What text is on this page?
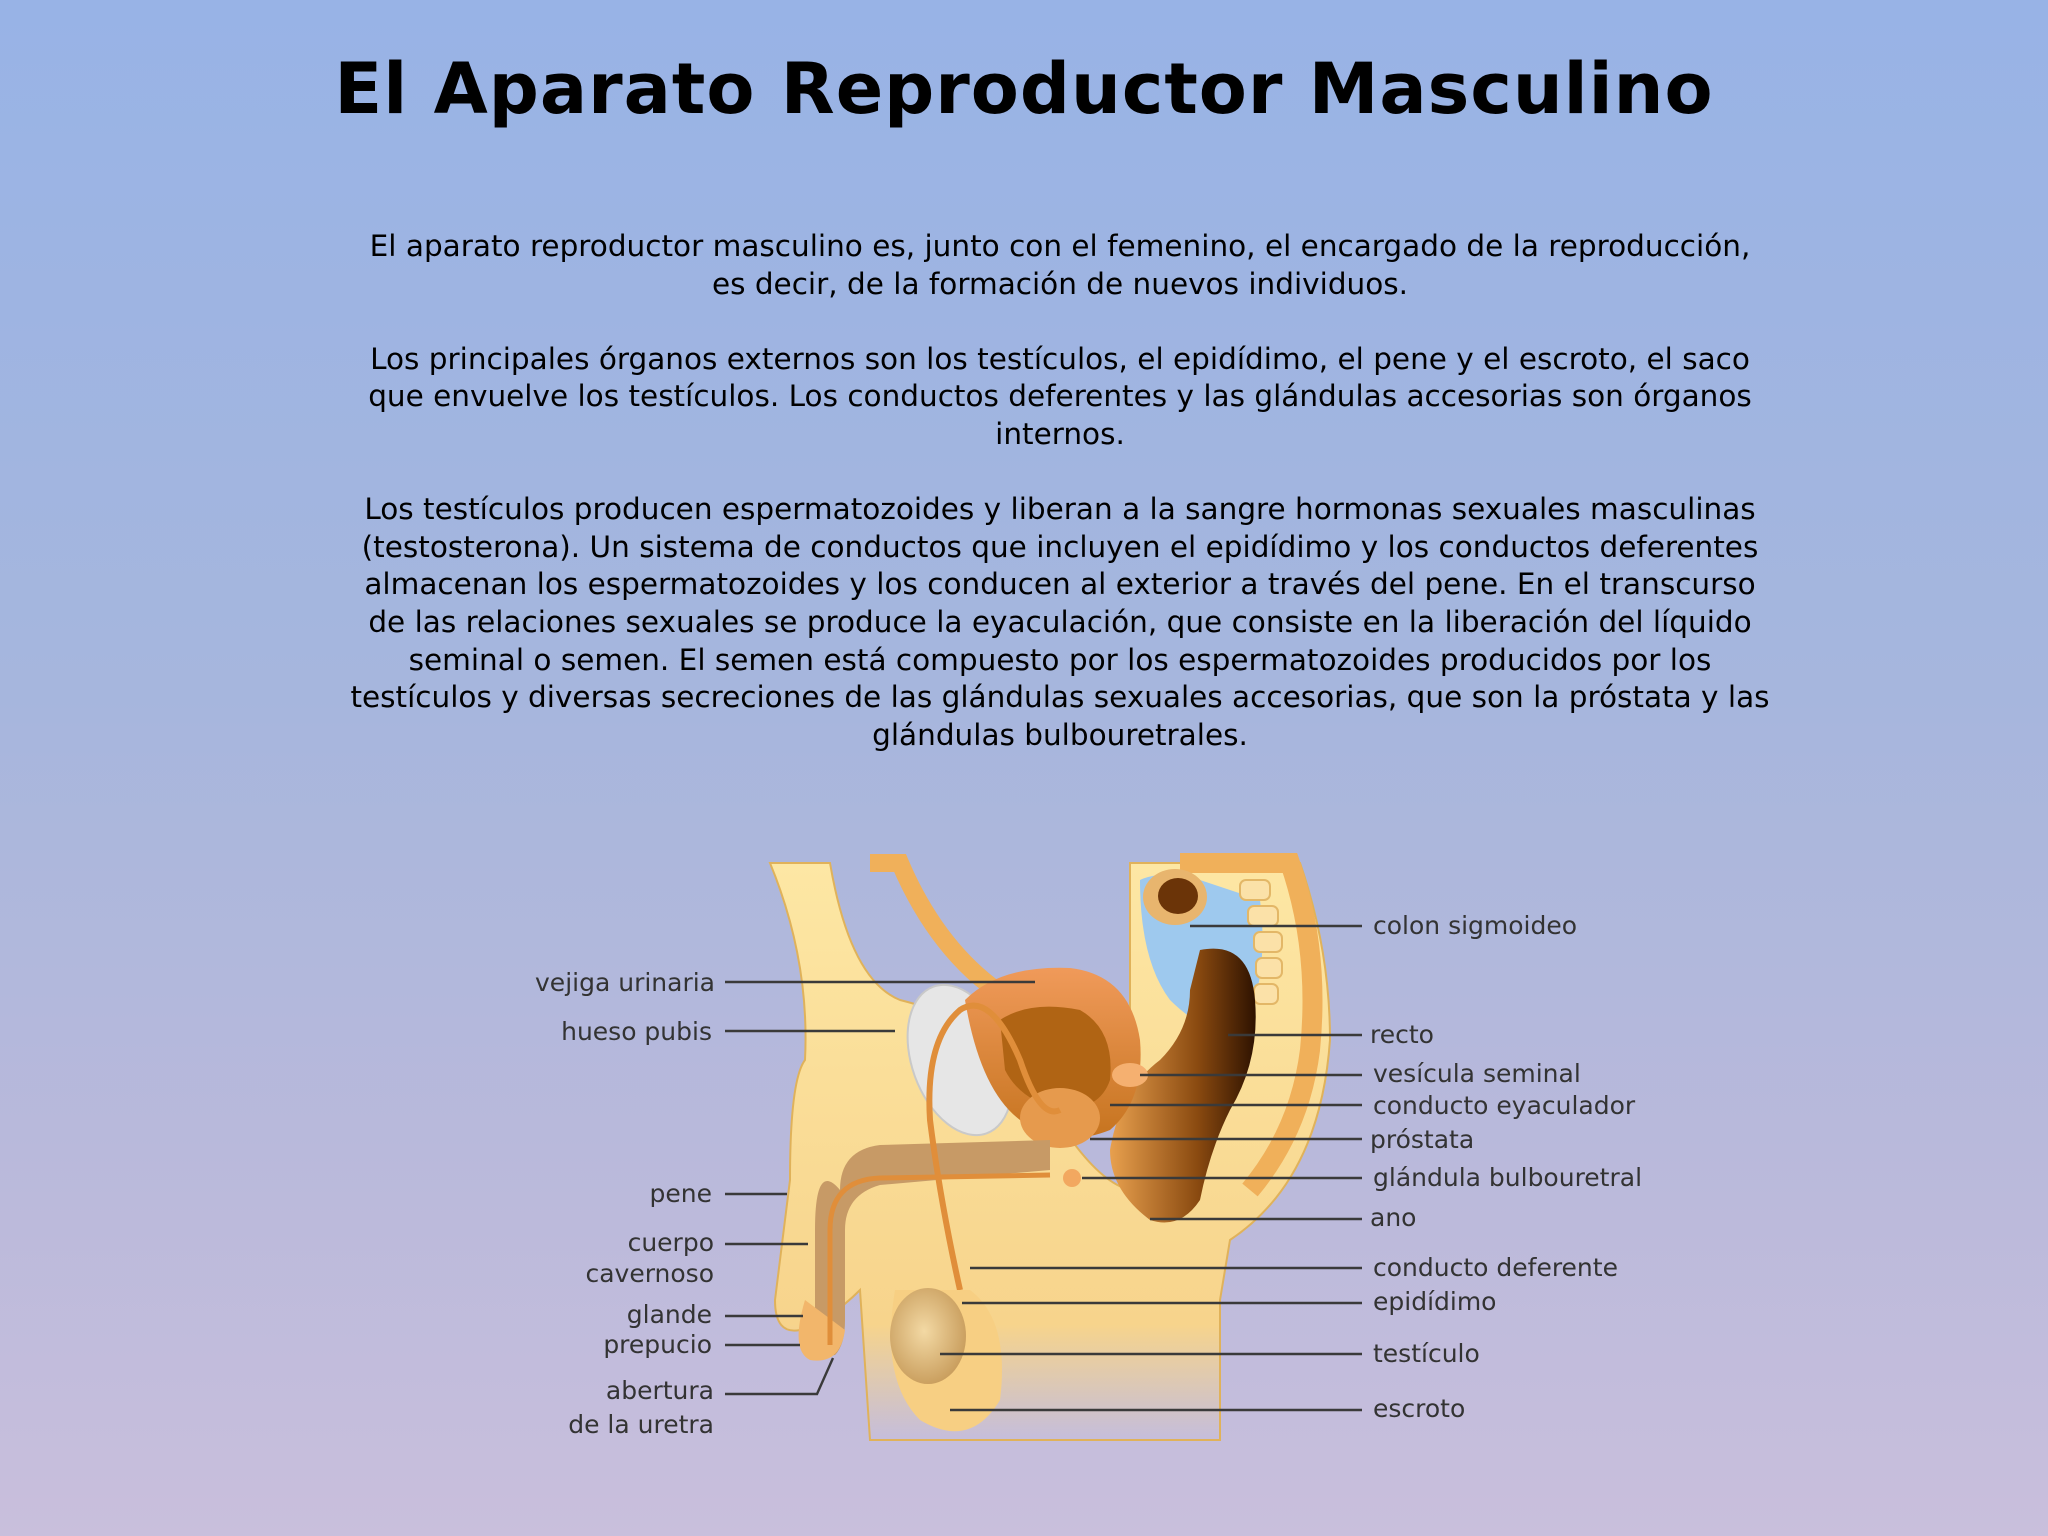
El Aparato Reproductor Masculino

El aparato reproductor masculino es, junto con el femenino, el encargado de la reproducción, es decir, de la formación de nuevos individuos.

Los principales órganos externos son los testículos, el epidídimo, el pene y el escroto, el saco que envuelve los testículos. Los conductos deferentes y las glándulas accesorias son órganos internos.

Los testículos producen espermatozoides y liberan a la sangre hormonas sexuales masculinas (testosterona). Un sistema de conductos que incluyen el epidídimo y los conductos deferentes almacenan los espermatozoides y los conducen al exterior a través del pene. En el transcurso de las relaciones sexuales se produce la eyaculación, que consiste en la liberación del líquido seminal o semen. El semen está compuesto por los espermatozoides producidos por los testículos y diversas secreciones de las glándulas sexuales accesorias, que son la próstata y las glándulas bulbouretrales.

vejiga urinaria
hueso pubis
pene
cuerpo
cavernoso
glande
prepucio
abertura
de la uretra
colon sigmoideo
recto
vesícula seminal
conducto eyaculador
próstata
glándula bulbouretral
ano
conducto deferente
epidídimo
testículo
escroto
